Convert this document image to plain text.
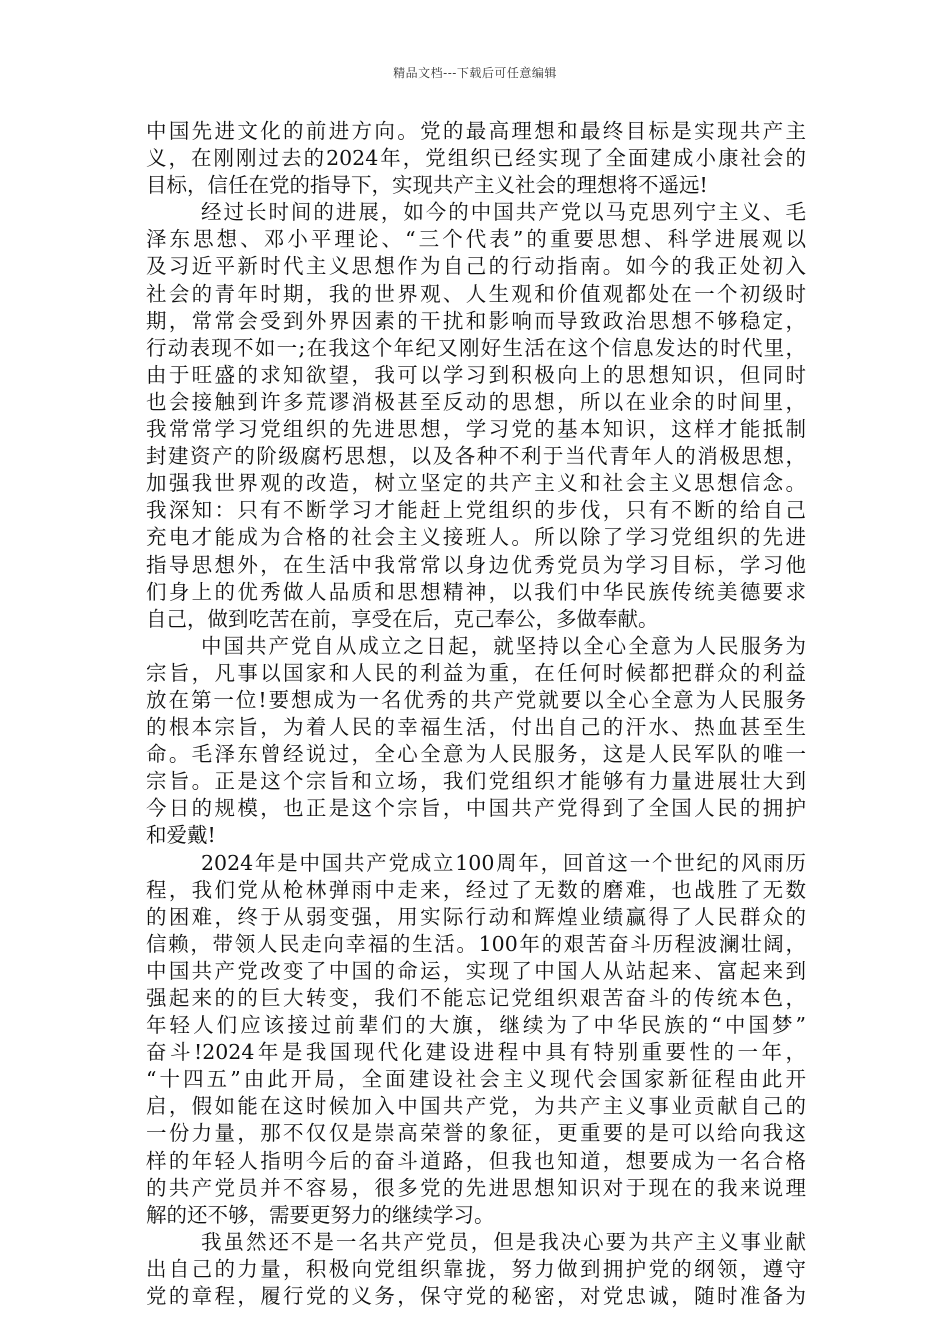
精品文档---下载后可任意编辑
中国先进文化的前进方向。党的最高理想和最终目标是实现共产主
义，在刚刚过去的2024年，党组织已经实现了全面建成小康社会的
目标，信任在党的指导下，实现共产主义社会的理想将不遥远!
经过长时间的进展，如今的中国共产党以马克思列宁主义、毛
泽东思想、邓小平理论、“三个代表”的重要思想、科学进展观以
及习近平新时代主义思想作为自己的行动指南。如今的我正处初入
社会的青年时期，我的世界观、人生观和价值观都处在一个初级时
期，常常会受到外界因素的干扰和影响而导致政治思想不够稳定，
行动表现不如一;在我这个年纪又刚好生活在这个信息发达的时代里，
由于旺盛的求知欲望，我可以学习到积极向上的思想知识，但同时
也会接触到许多荒谬消极甚至反动的思想，所以在业余的时间里，
我常常学习党组织的先进思想，学习党的基本知识，这样才能抵制
封建资产的阶级腐朽思想，以及各种不利于当代青年人的消极思想，
加强我世界观的改造，树立坚定的共产主义和社会主义思想信念。
我深知：只有不断学习才能赶上党组织的步伐，只有不断的给自己
充电才能成为合格的社会主义接班人。所以除了学习党组织的先进
指导思想外，在生活中我常常以身边优秀党员为学习目标，学习他
们身上的优秀做人品质和思想精神，以我们中华民族传统美德要求
自己，做到吃苦在前，享受在后，克己奉公，多做奉献。
中国共产党自从成立之日起，就坚持以全心全意为人民服务为
宗旨，凡事以国家和人民的利益为重，在任何时候都把群众的利益
放在第一位!要想成为一名优秀的共产党就要以全心全意为人民服务
的根本宗旨，为着人民的幸福生活，付出自己的汗水、热血甚至生
命。毛泽东曾经说过，全心全意为人民服务，这是人民军队的唯一
宗旨。正是这个宗旨和立场，我们党组织才能够有力量进展壮大到
今日的规模，也正是这个宗旨，中国共产党得到了全国人民的拥护
和爱戴!
2024年是中国共产党成立100周年，回首这一个世纪的风雨历
程，我们党从枪林弹雨中走来，经过了无数的磨难，也战胜了无数
的困难，终于从弱变强，用实际行动和辉煌业绩赢得了人民群众的
信赖，带领人民走向幸福的生活。100年的艰苦奋斗历程波澜壮阔，
中国共产党改变了中国的命运，实现了中国人从站起来、富起来到
强起来的的巨大转变，我们不能忘记党组织艰苦奋斗的传统本色，
年轻人们应该接过前辈们的大旗，继续为了中华民族的“中国梦”
奋斗!2024年是我国现代化建设进程中具有特别重要性的一年，
“十四五”由此开局，全面建设社会主义现代会国家新征程由此开
启，假如能在这时候加入中国共产党，为共产主义事业贡献自己的
一份力量，那不仅仅是崇高荣誉的象征，更重要的是可以给向我这
样的年轻人指明今后的奋斗道路，但我也知道，想要成为一名合格
的共产党员并不容易，很多党的先进思想知识对于现在的我来说理
解的还不够，需要更努力的继续学习。
我虽然还不是一名共产党员，但是我决心要为共产主义事业献
出自己的力量，积极向党组织靠拢，努力做到拥护党的纲领，遵守
党的章程，履行党的义务，保守党的秘密，对党忠诚，随时准备为
